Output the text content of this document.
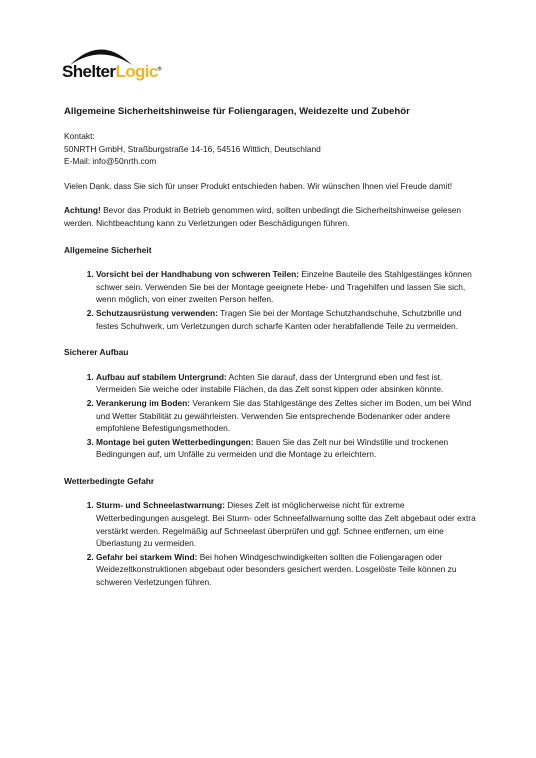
ShelterLogic®
Allgemeine Sicherheitshinweise für Foliengaragen, Weidezelte und Zubehör

Kontakt:

50NRTH GmbH, Straßburgstraße 14-16, 54516 Wittlich, Deutschland

E-Mail: info@50nrth.com

Vielen Dank, dass Sie sich für unser Produkt entschieden haben. Wir wünschen Ihnen viel Freude damit!

Achtung! Bevor das Produkt in Betrieb genommen wird, sollten unbedingt die Sicherheitshinweise gelesen werden. Nichtbeachtung kann zu Verletzungen oder Beschädigungen führen.

Allgemeine Sicherheit
1. Vorsicht bei der Handhabung von schweren Teilen: Einzelne Bauteile des Stahlgestänges können schwer sein. Verwenden Sie bei der Montage geeignete Hebe- und Tragehilfen und lassen Sie sich, wenn möglich, von einer zweiten Person helfen.
2. Schutzausrüstung verwenden: Tragen Sie bei der Montage Schutzhandschuhe, Schutzbrille und festes Schuhwerk, um Verletzungen durch scharfe Kanten oder herabfallende Teile zu vermeiden.
Sicherer Aufbau
1. Aufbau auf stabilem Untergrund: Achten Sie darauf, dass der Untergrund eben und fest ist. Vermeiden Sie weiche oder instabile Flächen, da das Zelt sonst kippen oder absinken könnte.
2. Verankerung im Boden: Verankern Sie das Stahlgestänge des Zeltes sicher im Boden, um bei Wind und Wetter Stabilität zu gewährleisten. Verwenden Sie entsprechende Bodenanker oder andere empfohlene Befestigungsmethoden.
3. Montage bei guten Wetterbedingungen: Bauen Sie das Zelt nur bei Windstille und trockenen Bedingungen auf, um Unfälle zu vermeiden und die Montage zu erleichtern.
Wetterbedingte Gefahr
1. Sturm- und Schneelastwarnung: Dieses Zelt ist möglicherweise nicht für extreme Wetterbedingungen ausgelegt. Bei Sturm- oder Schneefallwarnung sollte das Zelt abgebaut oder extra verstärkt werden. Regelmäßig auf Schneelast überprüfen und ggf. Schnee entfernen, um eine Überlastung zu vermeiden.
2. Gefahr bei starkem Wind: Bei hohen Windgeschwindigkeiten sollten die Foliengaragen oder Weidezeltkonstruktionen abgebaut oder besonders gesichert werden. Losgelöste Teile können zu schweren Verletzungen führen.
